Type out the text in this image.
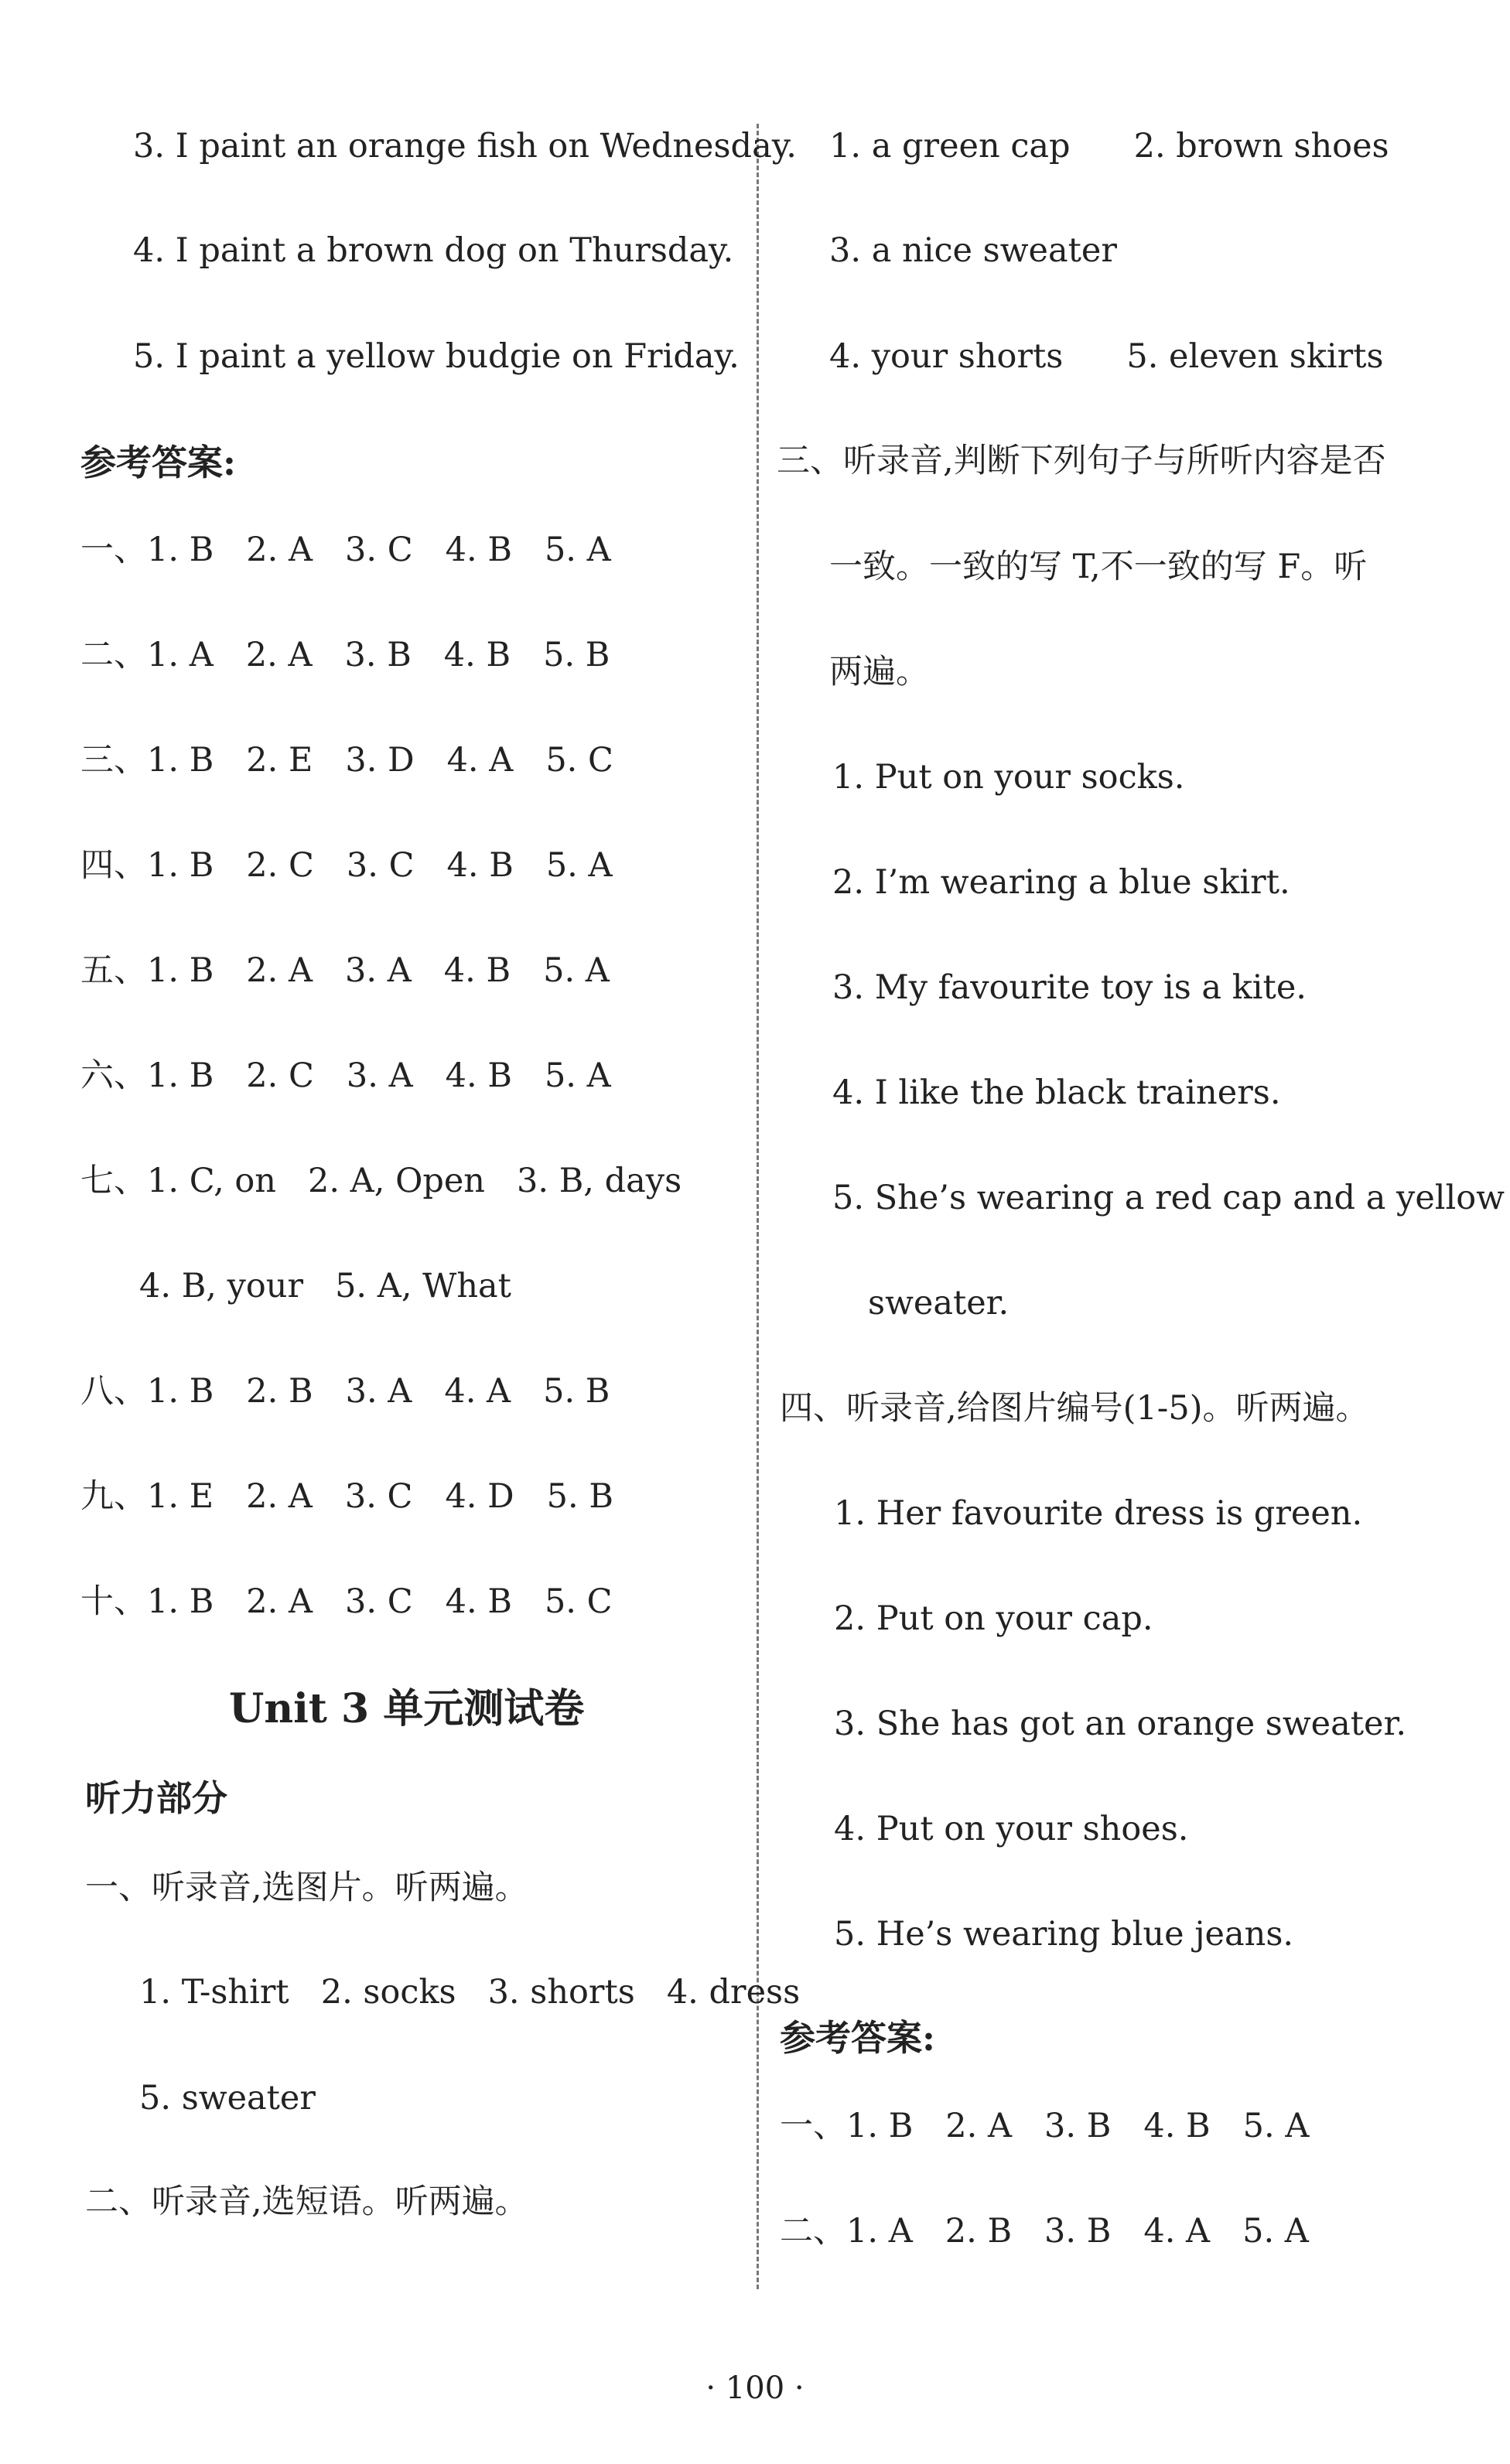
3. I paint an orange fish on Wednesday.
4. I paint a brown dog on Thursday.
5. I paint a yellow budgie on Friday.
参考答案:
一、1. B 2. A 3. C 4. B 5. A
二、1. A 2. A 3. B 4. B 5. B
三、1. B 2. E 3. D 4. A 5. C
四、1. B 2. C 3. C 4. B 5. A
五、1. B 2. A 3. A 4. B 5. A
六、1. B 2. C 3. A 4. B 5. A
七、1. C, on   2. A, Open   3. B, days
4. B, your   5. A, What
八、1. B 2. B 3. A 4. A 5. B
九、1. E 2. A 3. C 4. D 5. B
十、1. B 2. A 3. C 4. B 5. C
Unit 3 单元测试卷
听力部分
一、听录音,选图片。听两遍。
1. T-shirt   2. socks   3. shorts   4. dress
5. sweater
二、听录音,选短语。听两遍。
1. a green cap      2. brown shoes
3. a nice sweater
4. your shorts      5. eleven skirts
三、听录音,判断下列句子与所听内容是否
一致。一致的写 T,不一致的写 F。听
两遍。
1. Put on your socks.
2. I’m wearing a blue skirt.
3. My favourite toy is a kite.
4. I like the black trainers.
5. She’s wearing a red cap and a yellow
sweater.
四、听录音,给图片编号(1-5)。听两遍。
1. Her favourite dress is green.
2. Put on your cap.
3. She has got an orange sweater.
4. Put on your shoes.
5. He’s wearing blue jeans.
参考答案:
一、1. B 2. A 3. B 4. B 5. A
二、1. A 2. B 3. B 4. A 5. A
· 100 ·
